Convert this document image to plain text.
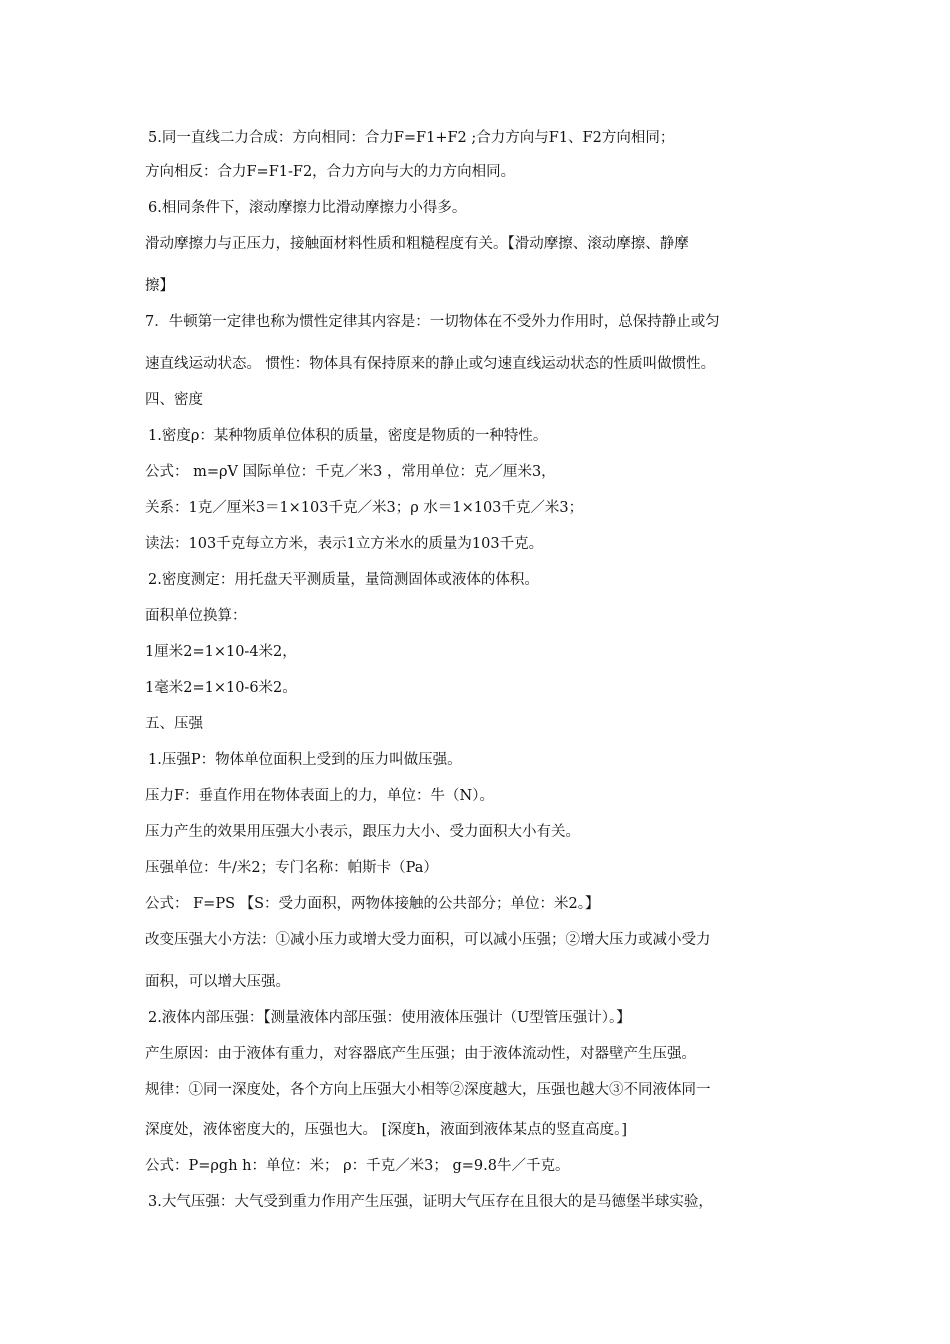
5.同一直线二力合成：方向相同：合力F=F1+F2 ;合力方向与F1、F2方向相同；
方向相反：合力F=F1-F2，合力方向与大的力方向相同。
6.相同条件下，滚动摩擦力比滑动摩擦力小得多。
滑动摩擦力与正压力，接触面材料性质和粗糙程度有关。【滑动摩擦、滚动摩擦、静摩
擦】
7．牛顿第一定律也称为惯性定律其内容是：一切物体在不受外力作用时，总保持静止或匀
速直线运动状态。 惯性：物体具有保持原来的静止或匀速直线运动状态的性质叫做惯性。
四、密度
1.密度ρ：某种物质单位体积的质量，密度是物质的一种特性。
公式： m=ρV 国际单位：千克／米3 ，常用单位：克／厘米3，
关系：1克／厘米3＝1×103千克／米3；ρ 水＝1×103千克／米3；
读法：103千克每立方米，表示1立方米水的质量为103千克。
2.密度测定：用托盘天平测质量，量筒测固体或液体的体积。
面积单位换算：
1厘米2=1×10-4米2，
1毫米2=1×10-6米2。
五、压强
1.压强P：物体单位面积上受到的压力叫做压强。
压力F：垂直作用在物体表面上的力，单位：牛（N）。
压力产生的效果用压强大小表示，跟压力大小、受力面积大小有关。
压强单位：牛/米2；专门名称：帕斯卡（Pa）
公式： F=PS 【S：受力面积，两物体接触的公共部分；单位：米2。】
改变压强大小方法：①减小压力或增大受力面积，可以减小压强；②增大压力或减小受力
面积，可以增大压强。
2.液体内部压强：【测量液体内部压强：使用液体压强计（U型管压强计）。】
产生原因：由于液体有重力，对容器底产生压强；由于液体流动性，对器壁产生压强。
规律：①同一深度处，各个方向上压强大小相等②深度越大，压强也越大③不同液体同一
深度处，液体密度大的，压强也大。 [深度h，液面到液体某点的竖直高度。]
公式：P=ρgh h：单位：米； ρ：千克／米3； g=9.8牛／千克。
3.大气压强：大气受到重力作用产生压强，证明大气压存在且很大的是马德堡半球实验，
